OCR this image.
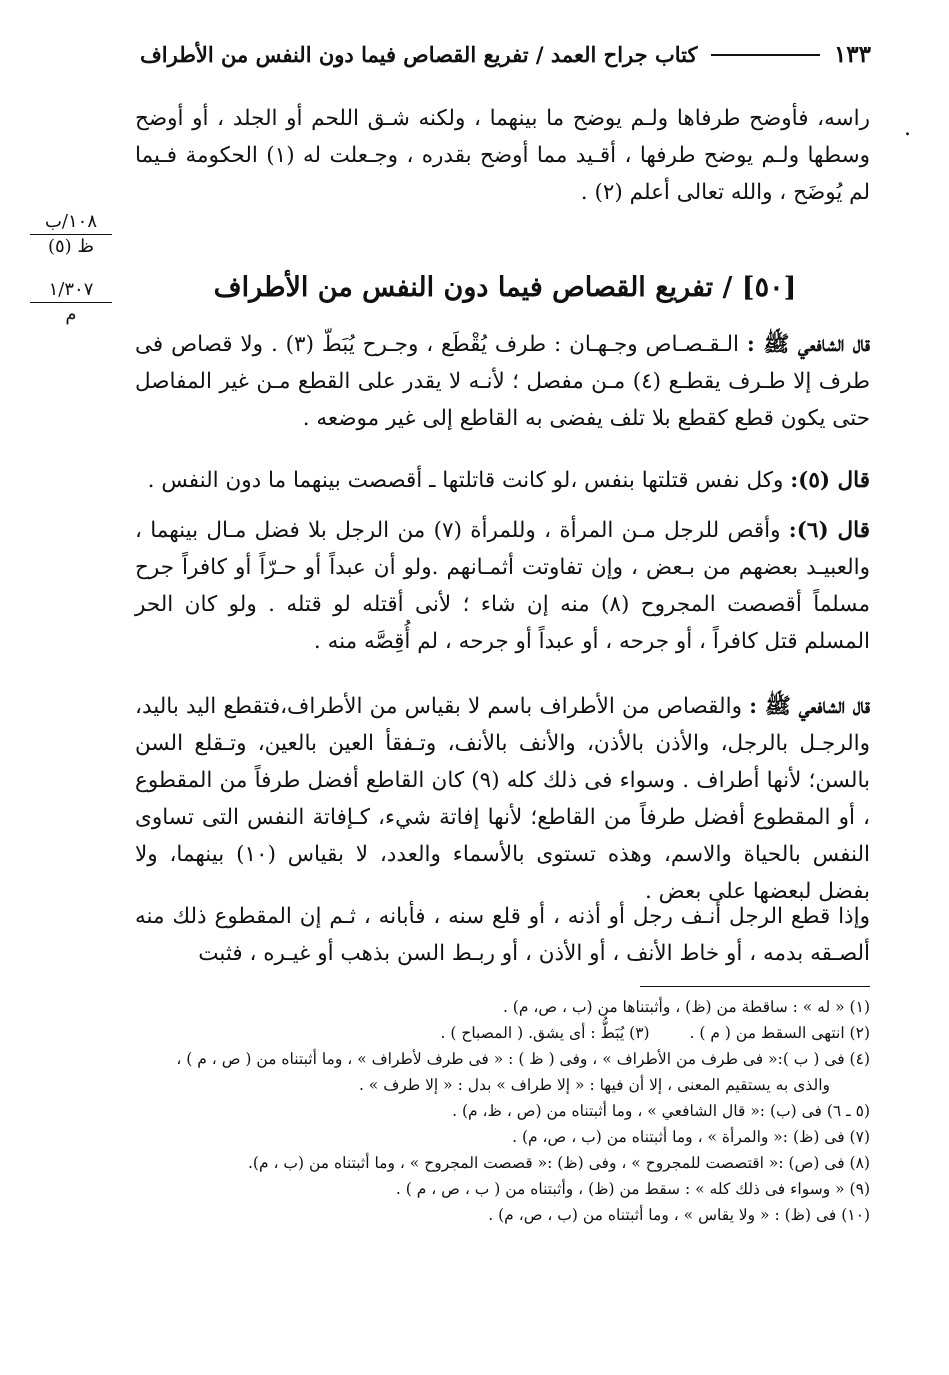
كتاب جراح العمد / تفريع القصاص فيما دون النفس من الأطراف	١٣٣
.
١٠٨/ب
ظ (٥)
١/٣٠٧
م

راسه، فأوضح طرفاها ولـم يوضح ما بينهما ، ولكنه شـق اللحم أو الجلد ، أو أوضح وسطها ولـم يوضح طرفها ، أقـيد مما أوضح بقدره ، وجـعلت له (١) الحكومة فـيما لم يُوضَح ، والله تعالى أعلم (٢) .

[٥٠] / تفريع القصاص فيما دون النفس من الأطراف

قال الشافعي ﷺ : الـقـصـاص وجـهـان : طرف يُقْطَع ، وجـرح يُبَطّ (٣) . ولا قصاص فى طرف إلا طـرف يقطـع (٤) مـن مفصل ؛ لأنـه لا يقدر على القطع مـن غير المفاصل حتى يكون قطع كقطع بلا تلف يفضى به القاطع إلى غير موضعه .

قال (٥): وكل نفس قتلتها بنفس ،لو كانت قاتلتها ـ أقصصت بينهما ما دون النفس .

قال (٦): وأقص للرجل مـن المرأة ، وللمرأة (٧) من الرجل بلا فضل مـال بينهما ، والعبيـد بعضهم من بـعض ، وإن تفاوتت أثمـانهم .ولو أن عبداً أو حـرّاً أو كافراً جرح مسلماً أقصصت المجروح (٨) منه إن شاء ؛ لأنى أقتله لو قتله . ولو كان الحر المسلم قتل كافراً ، أو جرحه ، أو عبداً أو جرحه ، لم أُقِصَّه منه .

قال الشافعي ﷺ : والقصاص من الأطراف باسم لا بقياس من الأطراف،فتقطع اليد باليد، والرجـل بالرجل، والأذن بالأذن، والأنف بالأنف، وتـفقأ العين بالعين، وتـقلع السن بالسن؛ لأنها أطراف . وسواء فى ذلك كله (٩) كان القاطع أفضل طرفاً من المقطوع ، أو المقطوع أفضل طرفاً من القاطع؛ لأنها إفاتة شيء، كـإفاتة النفس التى تساوى النفس بالحياة والاسم، وهذه تستوى بالأسماء والعدد، لا بقياس (١٠) بينهما، ولا بفضل لبعضها على بعض .

وإذا قطع الرجل أنـف رجل أو أذنه ، أو قلع سنه ، فأبانه ، ثـم إن المقطوع ذلك منه ألصـقه بدمه ، أو خاط الأنف ، أو الأذن ، أو ربـط السن بذهب أو غيـره ، فثبت

(١) « له » : ساقطة من (ظ) ، وأثبتناها من (ب ، ص، م) .

(٢) انتهى السقط من ( م ) .

(٣) يُبَطُّ : أى يشق. ( المصباح ) .

(٤) فى ( ب ):« فى طرف من الأطراف » ، وفى ( ظ ) : « فى طرف لأطراف » ، وما أثبتناه من ( ص ، م ) ،

والذى به يستقيم المعنى ، إلا أن فيها : « إلا طراف » بدل : « إلا طرف » .

(٥ ـ ٦) فى (ب) :« قال الشافعي » ، وما أثبتناه من (ص ، ظ، م) .

(٧) فى (ظ) :« والمرأة » ، وما أثبتناه من (ب ، ص، م) .

(٨) فى (ص) :« اقتصصت للمجروح » ، وفى (ظ) :« قصصت المجروح » ، وما أثبتناه من (ب ، م).

(٩) « وسواء فى ذلك كله » : سقط من (ظ) ، وأثبتناه من ( ب ، ص ، م ) .

(١٠) فى (ظ) : « ولا يقاس » ، وما أثبتناه من (ب ، ص، م) .
